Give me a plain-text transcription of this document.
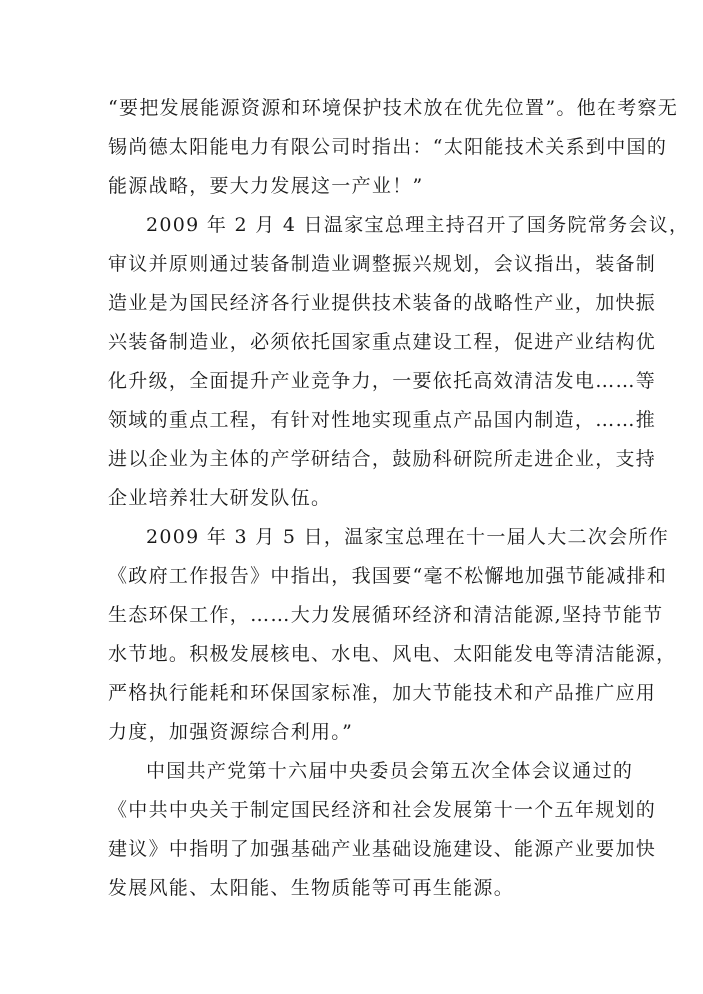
“要把发展能源资源和环境保护技术放在优先位置”。他在考察无
锡尚德太阳能电力有限公司时指出：“太阳能技术关系到中国的
能源战略，要大力发展这一产业！”
2009 年 2 月 4 日温家宝总理主持召开了国务院常务会议，
审议并原则通过装备制造业调整振兴规划，会议指出，装备制
造业是为国民经济各行业提供技术装备的战略性产业，加快振
兴装备制造业，必须依托国家重点建设工程，促进产业结构优
化升级，全面提升产业竞争力，一要依托高效清洁发电……等
领域的重点工程，有针对性地实现重点产品国内制造，……推
进以企业为主体的产学研结合，鼓励科研院所走进企业，支持
企业培养壮大研发队伍。
2009 年 3 月 5 日，温家宝总理在十一届人大二次会所作
《政府工作报告》中指出，我国要“毫不松懈地加强节能减排和
生态环保工作，……大力发展循环经济和清洁能源,坚持节能节
水节地。积极发展核电、水电、风电、太阳能发电等清洁能源，
严格执行能耗和环保国家标准，加大节能技术和产品推广应用
力度，加强资源综合利用。”
中国共产党第十六届中央委员会第五次全体会议通过的
《中共中央关于制定国民经济和社会发展第十一个五年规划的
建议》中指明了加强基础产业基础设施建设、能源产业要加快
发展风能、太阳能、生物质能等可再生能源。
